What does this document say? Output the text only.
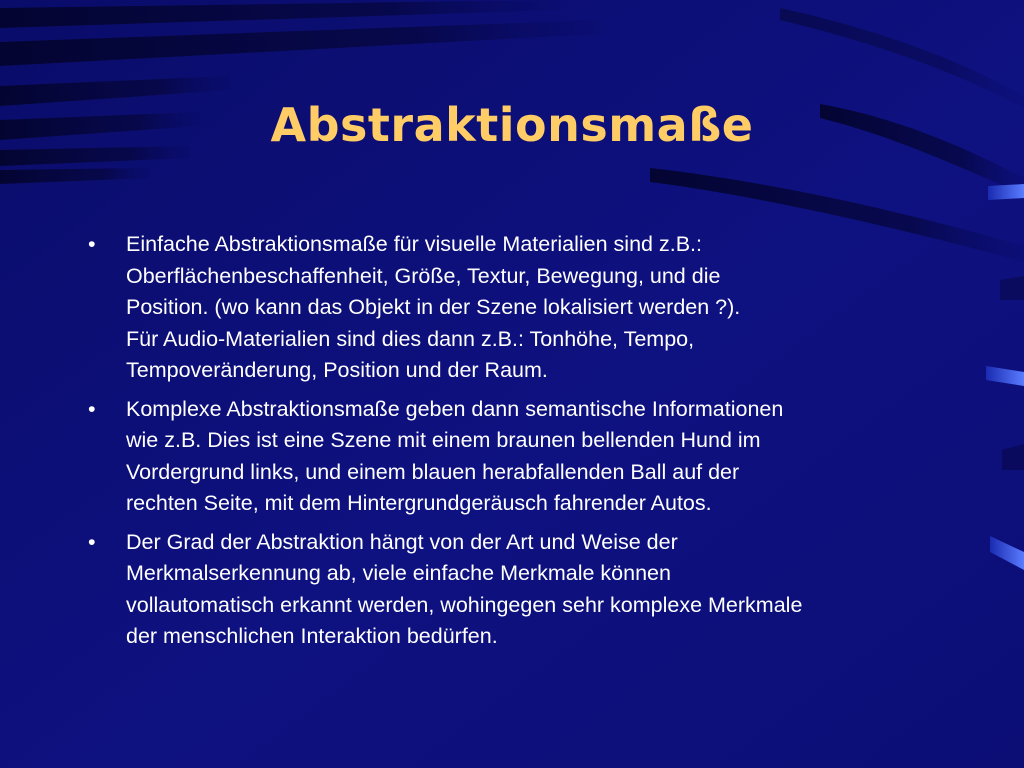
Abstraktionsmaße
•	Einfache Abstraktionsmaße für visuelle Materialien sind z.B.:
Oberflächenbeschaffenheit, Größe, Textur, Bewegung, und die
Position. (wo kann das Objekt in der Szene lokalisiert werden ?).
Für Audio-Materialien sind dies dann z.B.: Tonhöhe, Tempo,
Tempoveränderung, Position und der Raum.
•	Komplexe Abstraktionsmaße geben dann semantische Informationen
wie z.B. Dies ist eine Szene mit einem braunen bellenden Hund im
Vordergrund links, und einem blauen herabfallenden Ball auf der
rechten Seite, mit dem Hintergrundgeräusch fahrender Autos.
•	Der Grad der Abstraktion hängt von der Art und Weise der
Merkmalserkennung ab, viele einfache Merkmale können
vollautomatisch erkannt werden, wohingegen sehr komplexe Merkmale
der menschlichen Interaktion bedürfen.
